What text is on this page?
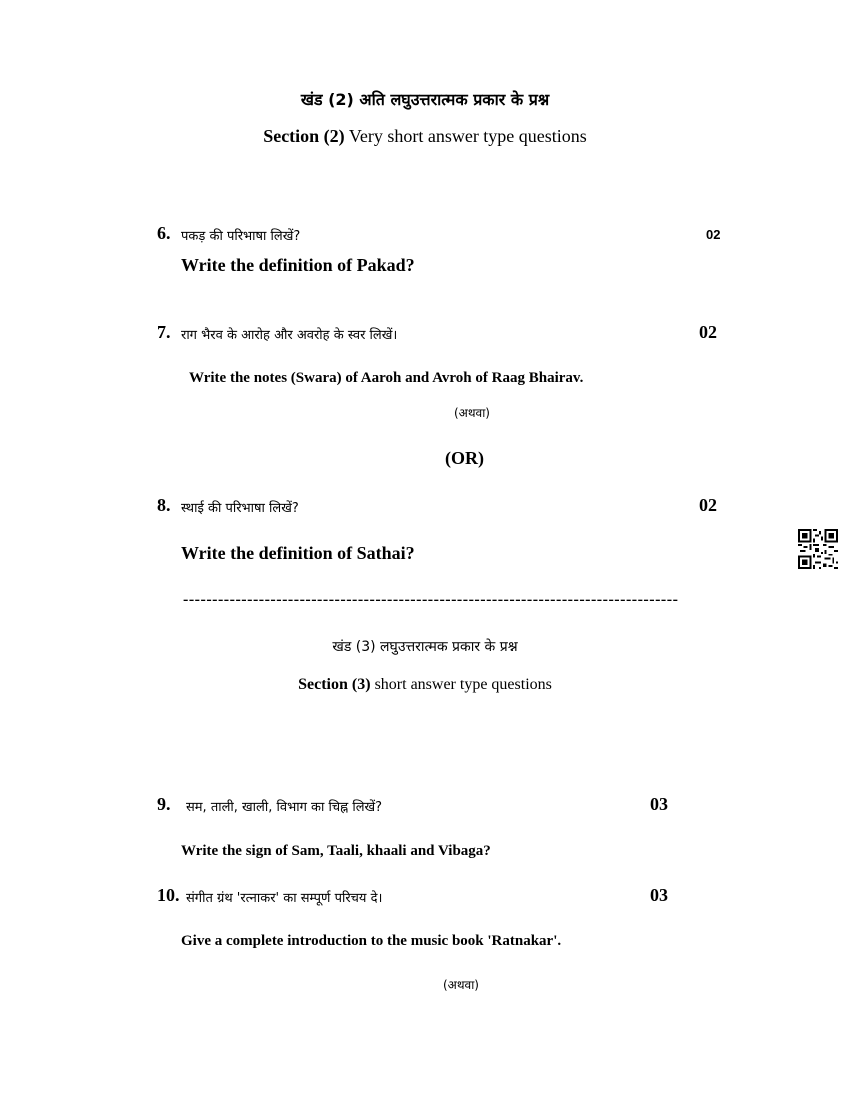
खंड (2) अति लघुउत्तरात्मक प्रकार के प्रश्न
Section (2) Very short answer type questions
6. पकड़ की परिभाषा लिखें?	02
Write the definition of Pakad?
7. राग भैरव के आरोह और अवरोह के स्वर लिखें।	02
Write the notes (Swara) of Aaroh and Avroh of Raag Bhairav.
(अथवा)
(OR)
8. स्थाई की परिभाषा लिखें?	02
Write the definition of Sathai?
-------------------------------------------------------------------------------------
खंड (3) लघुउत्तरात्मक प्रकार के प्रश्न
Section (3) short answer type questions
9. सम, ताली, खाली, विभाग का चिह्न लिखें?	03
Write the sign of Sam, Taali, khaali and Vibaga?
10. संगीत ग्रंथ 'रत्नाकर' का सम्पूर्ण परिचय दे।	03
Give a complete introduction to the music book 'Ratnakar'.
(अथवा)
